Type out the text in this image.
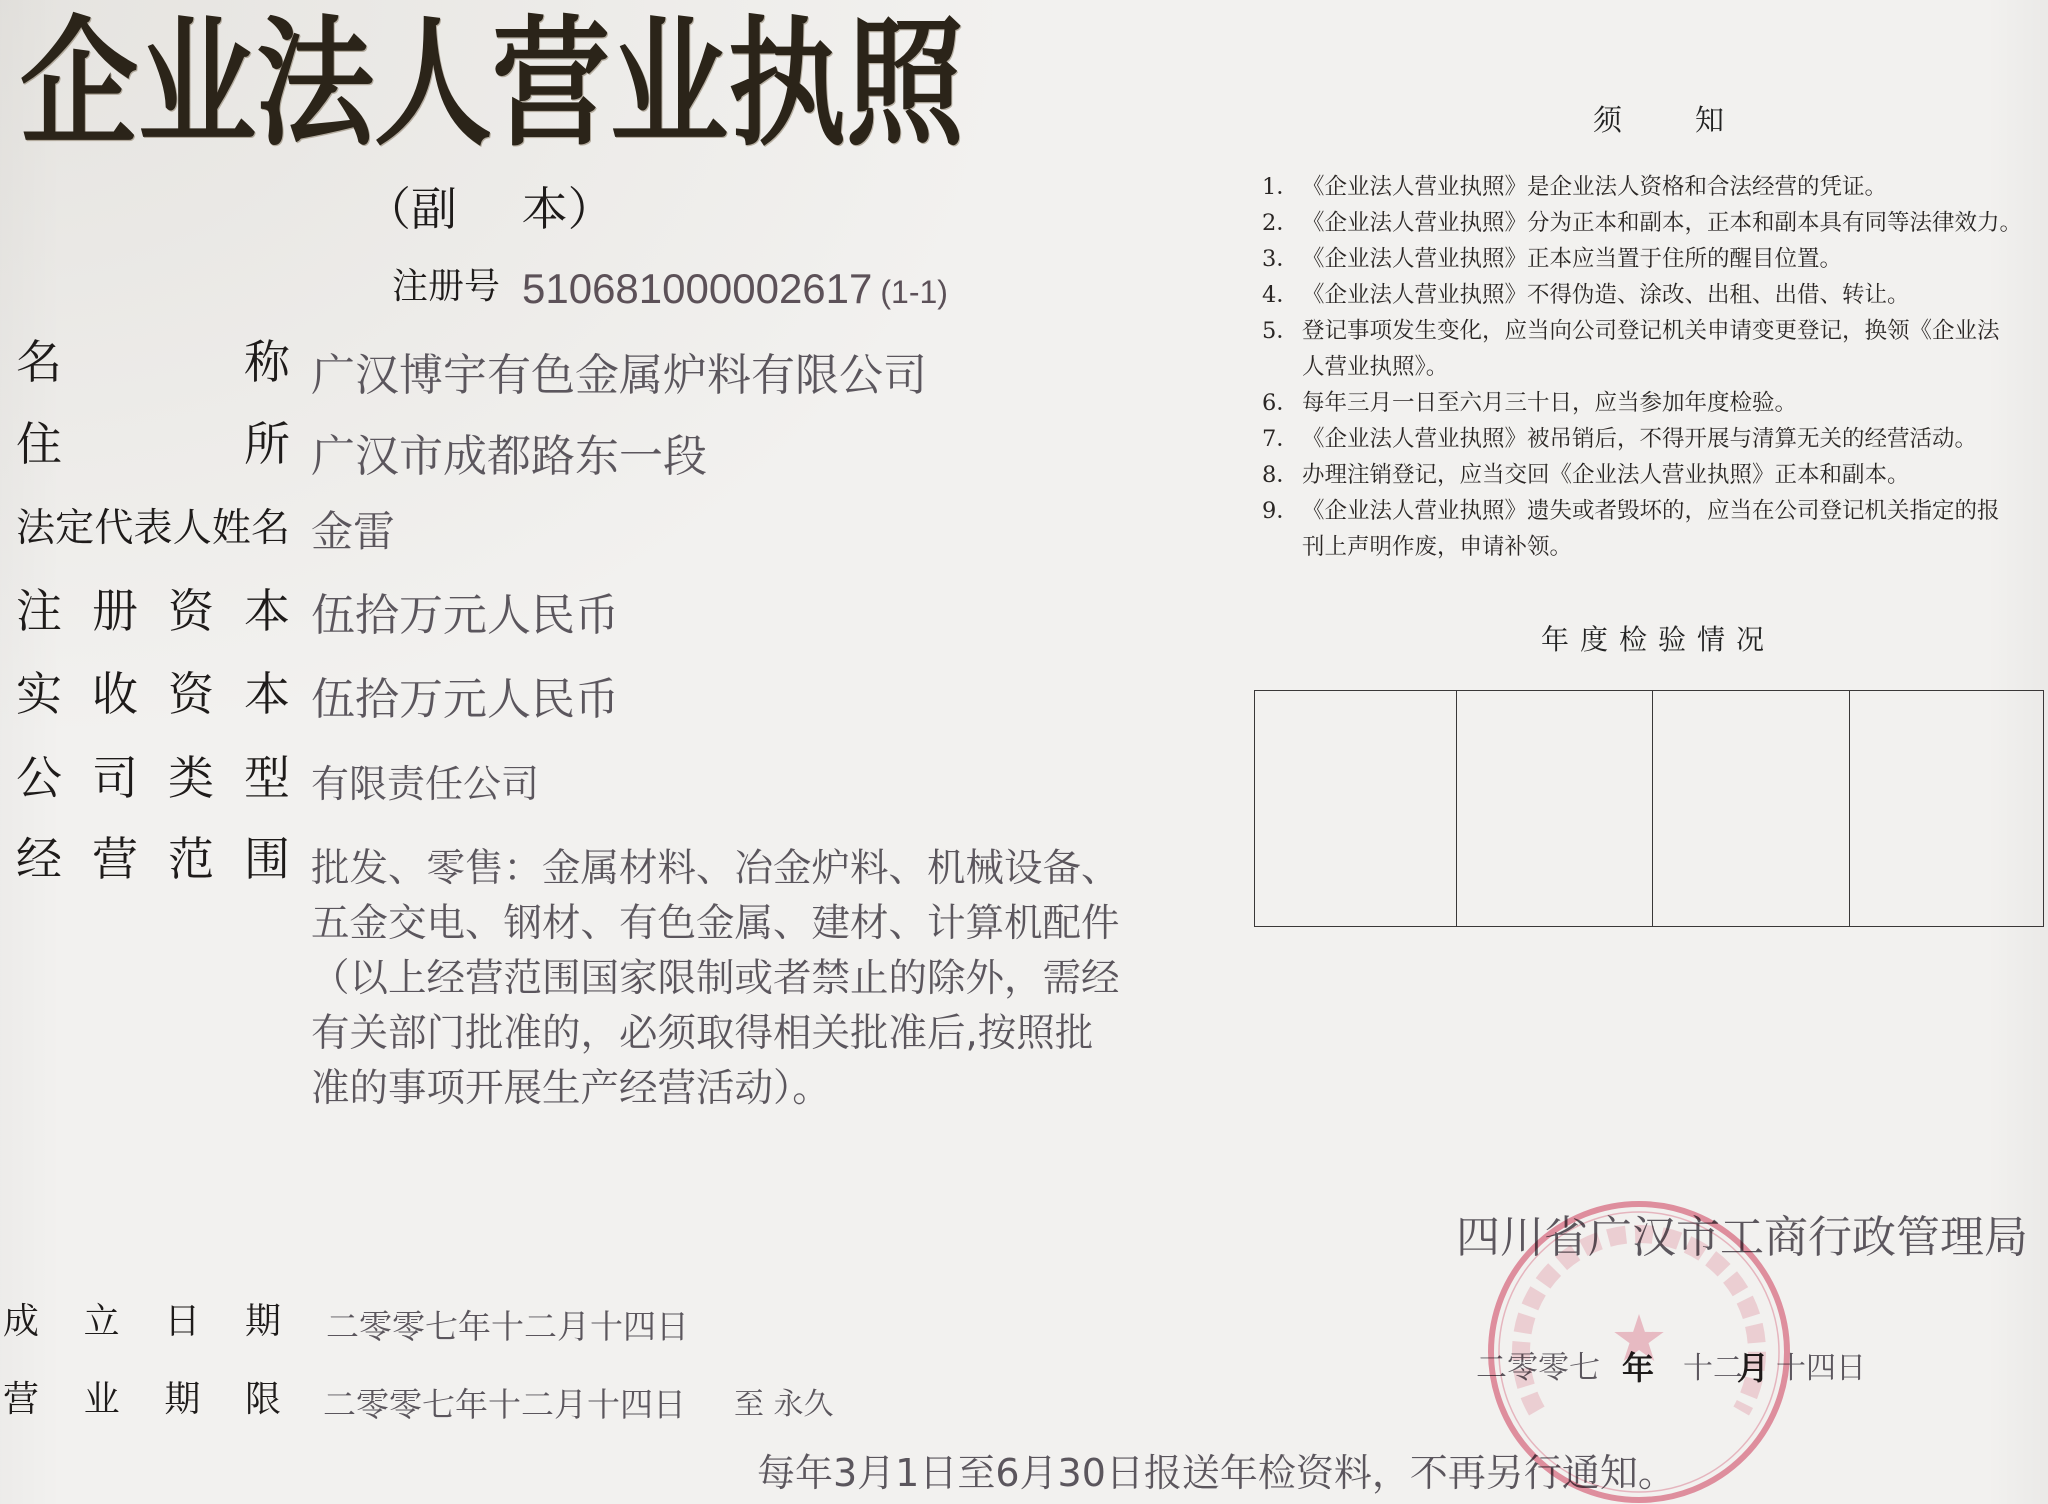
企业法人营业执照
（副 本）
注册号 510681000002617 (1-1)
名 称
住 所
法定代表人姓名
注 册 资 本
实 收 资 本
公 司 类 型
经 营 范 围
广汉博宇有色金属炉料有限公司
广汉市成都路东一段
金雷
伍拾万元人民币
伍拾万元人民币
有限责任公司
批发、零售：金属材料、冶金炉料、机械设备、
五金交电、钢材、有色金属、建材、计算机配件
（以上经营范围国家限制或者禁止的除外，需经
有关部门批准的，必须取得相关批准后,按照批
准的事项开展生产经营活动）。
成 立 日 期 二零零七年十二月十四日
营 业 期 限 二零零七年十二月十四日 至 永久
每年3月1日至6月30日报送年检资料，不再另行通知。
须 知
1． 《企业法人营业执照》是企业法人资格和合法经营的凭证。
2． 《企业法人营业执照》分为正本和副本，正本和副本具有同等法律效力。
3． 《企业法人营业执照》正本应当置于住所的醒目位置。
4． 《企业法人营业执照》不得伪造、涂改、出租、出借、转让。
5． 登记事项发生变化，应当向公司登记机关申请变更登记，换领《企业法
人营业执照》。
6． 每年三月一日至六月三十日，应当参加年度检验。
7． 《企业法人营业执照》被吊销后，不得开展与清算无关的经营活动。
8． 办理注销登记，应当交回《企业法人营业执照》正本和副本。
9． 《企业法人营业执照》遗失或者毁坏的，应当在公司登记机关指定的报
刊上声明作废，申请补领。
年度检验情况
四川省广汉市工商行政管理局
二零零七 年 十二
月 十四日
